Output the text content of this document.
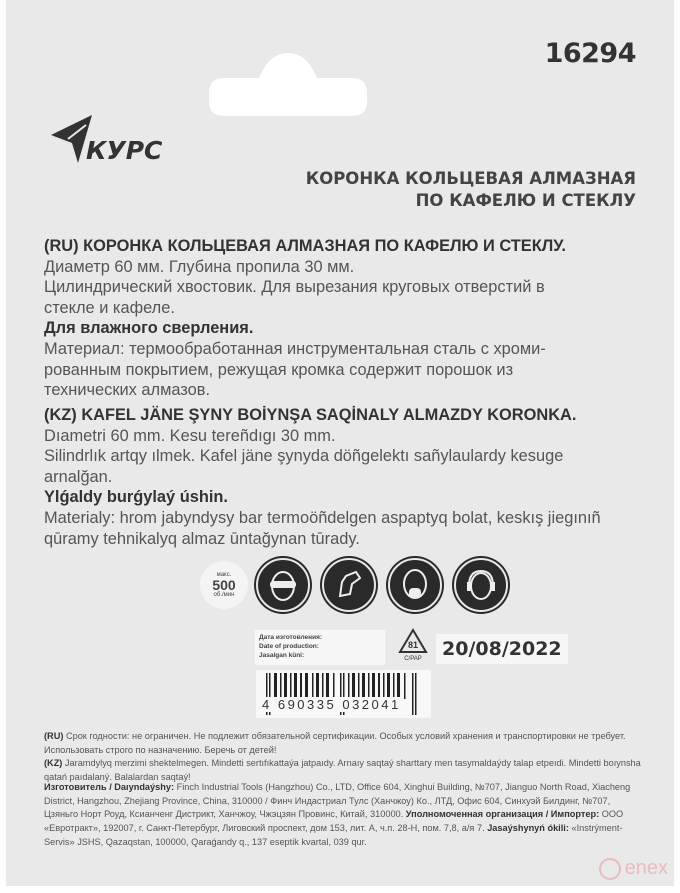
16294
КУРС
КОРОНКА КОЛЬЦЕВАЯ АЛМАЗНАЯ
ПО КАФЕЛЮ И СТЕКЛУ
(RU) КОРОНКА КОЛЬЦЕВАЯ АЛМАЗНАЯ ПО КАФЕЛЮ И СТЕКЛУ.
Диаметр 60 мм. Глубина пропила 30 мм.
Цилиндрический хвостовик. Для вырезания круговых отверстий в стекле и кафеле.
Для влажного сверления.
Материал: термообработанная инструментальная сталь с хроми-рованным покрытием, режущая кромка содержит порошок из технических алмазов.
(KZ) KAFEL JÄNE ŞYNY BOİYNŞA SAQİNALY ALMAZDY KORONKA.
Dıametri 60 mm. Kesu tereñdıgı 30 mm.
Silindrlık artqy ılmek. Kafel jäne şynyda döñgelektı sañylaulardy kesuge arnalğan.
Ylǵaldy burǵylaý úshin.
Materialy: hrom jabyndysy bar termoöñdelgen aspaptyq bolat, keskış jiegınıñ qūramy tehnikalyq almaz ūntağynan tūrady.
макс.
500
об./мин
Дата изготовления:
Date of production:
Jasalgan küni:
81
C/PAP	20/08/2022
4 690335 032041
(RU) Срок годности: не ограничен. Не подлежит обязательной сертификации. Особых условий хранения и транспортировки не требует. Использовать строго по назначению. Беречь от детей!
(KZ) Jaramdylyq merzimi shektelmegen. Mindetti sertıfıkattaýa jatpaıdy. Arnaıy saqtaý sharttary men tasymaldaýdy talap etpeıdi. Mindetti boıynsha qatań paıdalaný. Balalardan saqtaý!
Изготовитель / Daıyndaýshy: Finch Industrial Tools (Hangzhou) Co., LTD, Office 604, Xinghui Building, №707, Jianguo North Road, Xiacheng District, Hangzhou, Zhejiang Province, China, 310000 / Финч Индастриал Тулс (Ханчжоу) Ко., ЛТД, Офис 604, Синхуэй Билдинг, №707, Цзяньго Норт Роуд, Ксианченг Дистрикт, Ханчжоу, Чжэцзян Провинс, Китай, 310000. Уполномоченная организация / Импортер: ООО «Евротракт», 192007, г. Санкт-Петербург, Лиговский проспект, дом 153, лит. А, ч.п. 28-Н, пом. 7,8, а/я 7. Jasaýshynyń ókili: «Instrýment-Servis» JSHS, Qazaqstan, 100000, Qaraǵandy q., 137 eseptik kvartal, 039 qur.
enex
